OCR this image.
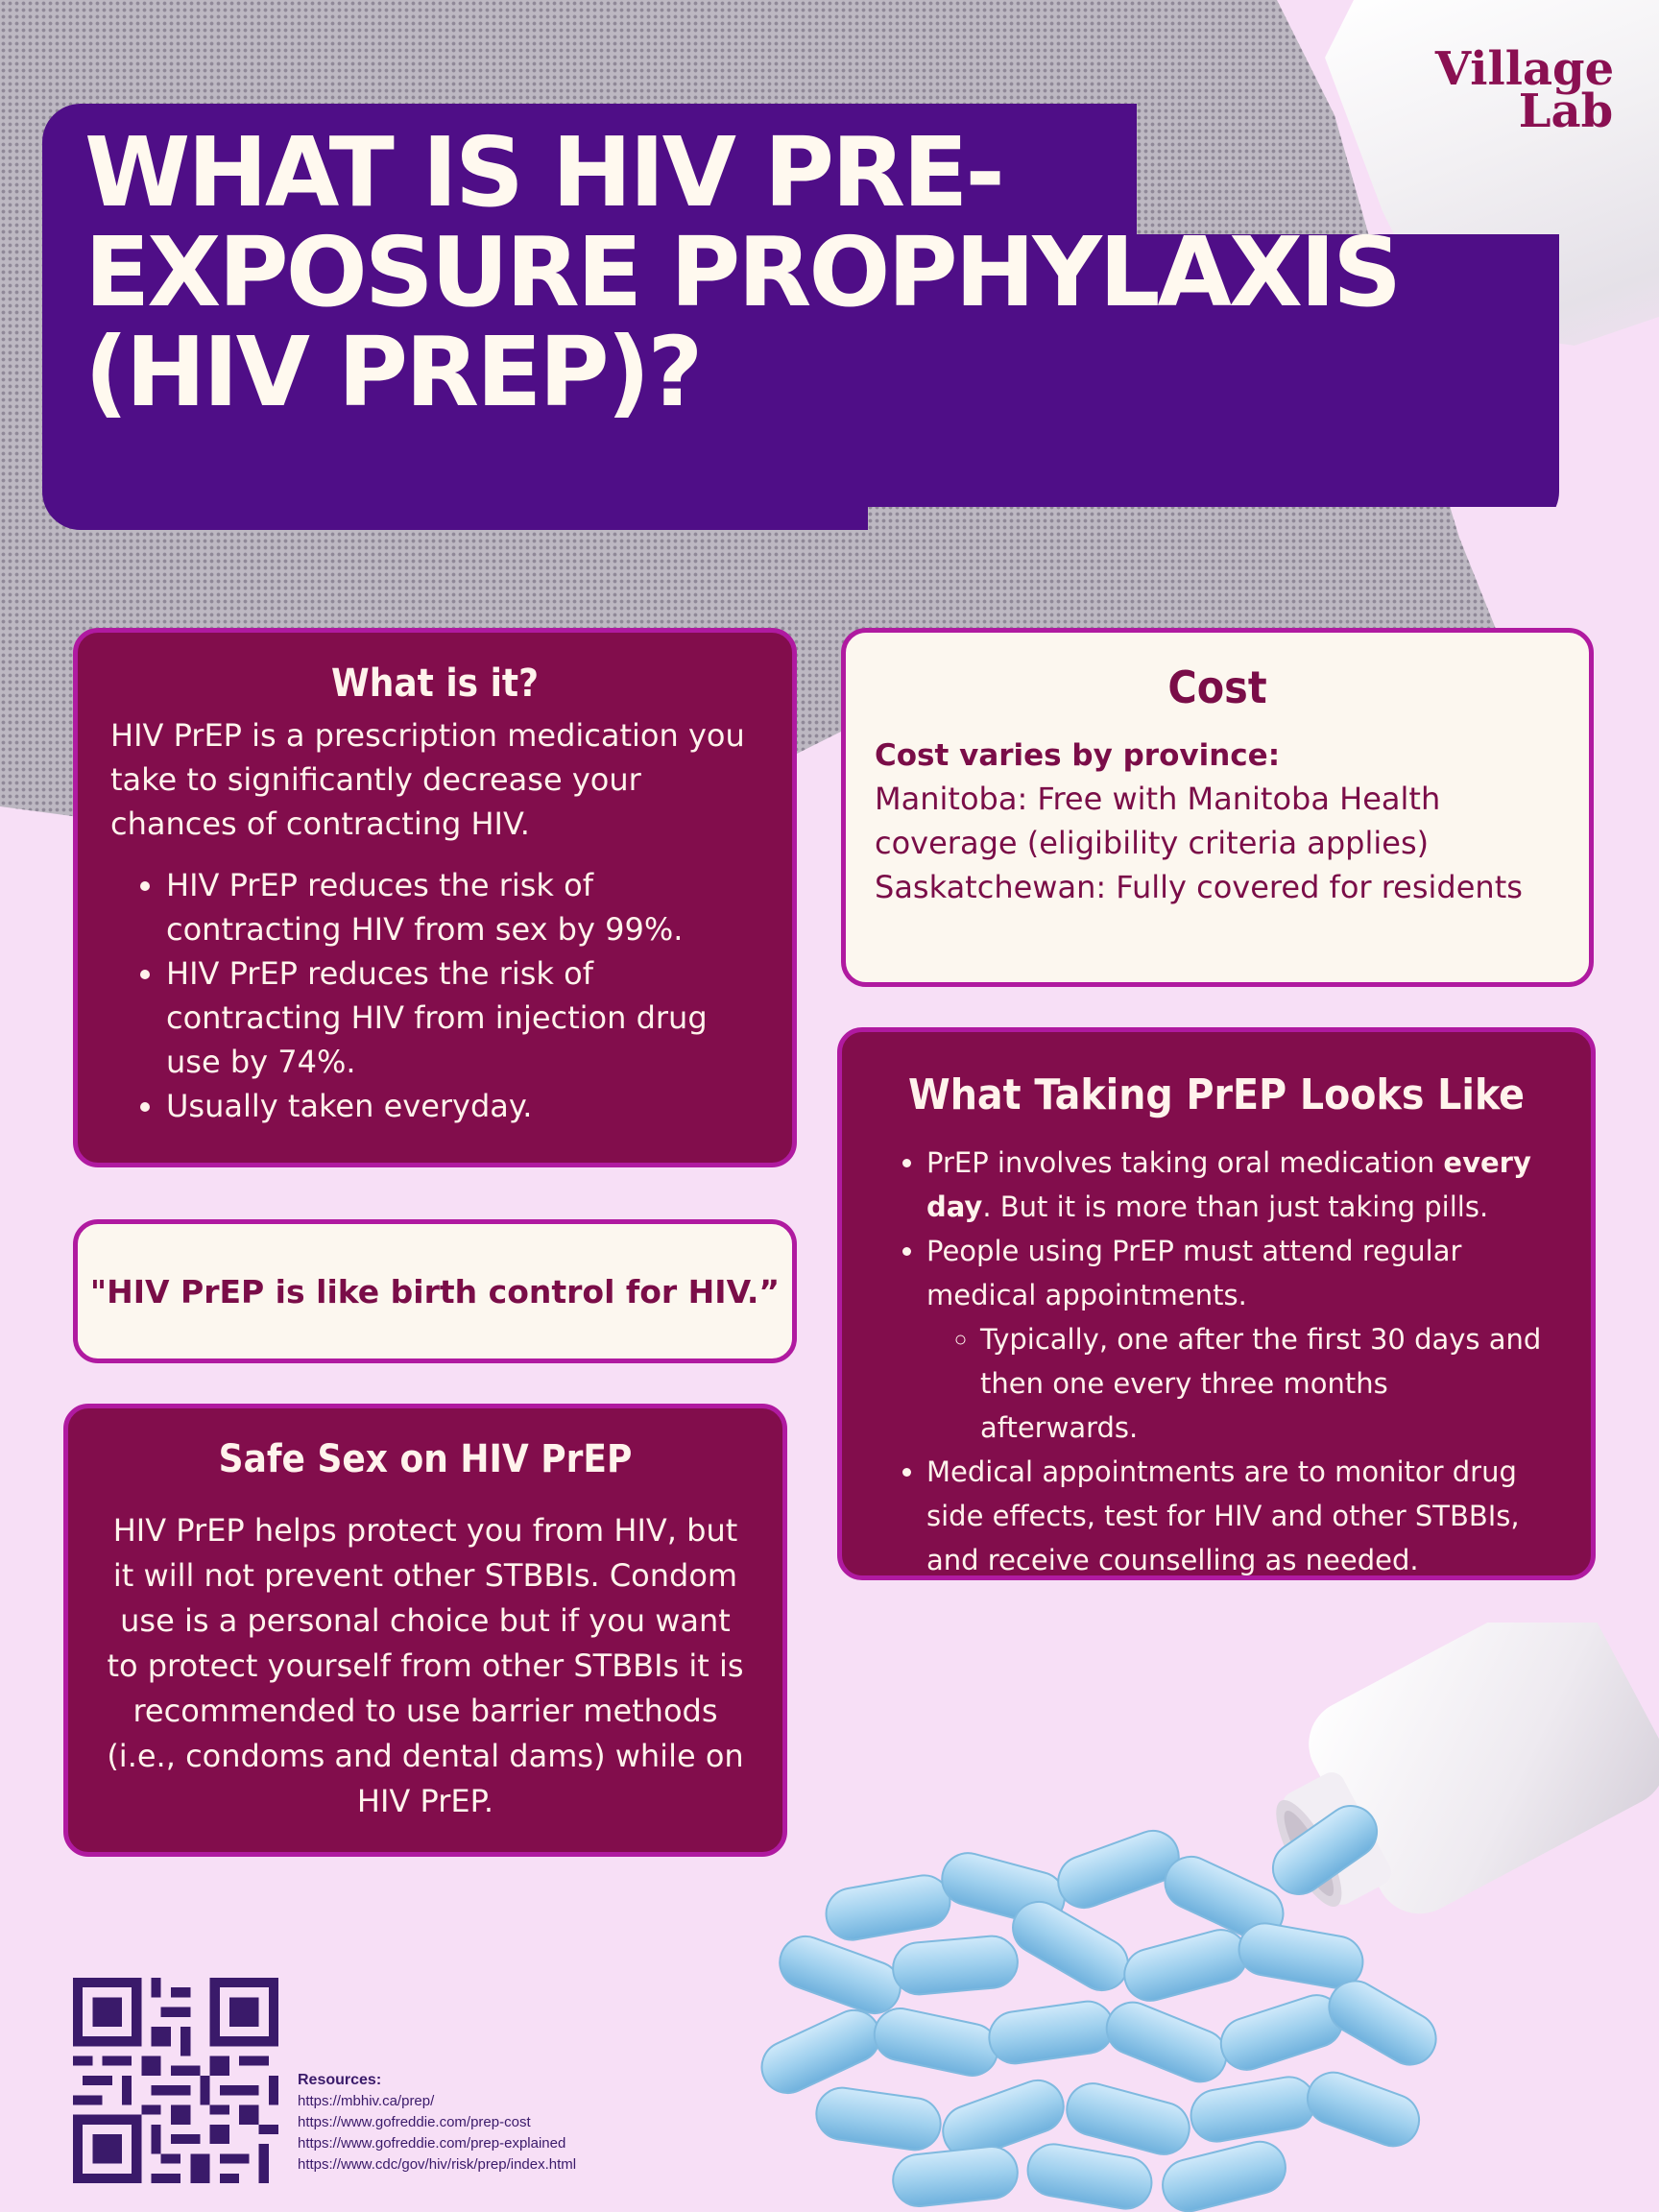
Village
Lab
WHAT IS HIV PRE-EXPOSURE PROPHYLAXIS (HIV PREP)?
What is it?

HIV PrEP is a prescription medication you take to significantly decrease your chances of contracting HIV.

• HIV PrEP reduces the risk of contracting HIV from sex by 99%.
• HIV PrEP reduces the risk of contracting HIV from injection drug use by 74%.
• Usually taken everyday.
Cost

Cost varies by province:

Manitoba: Free with Manitoba Health coverage (eligibility criteria applies)

Saskatchewan: Fully covered for residents

"HIV PrEP is like birth control for HIV.”

What Taking PrEP Looks Like
• PrEP involves taking oral medication every day. But it is more than just taking pills.
• People using PrEP must attend regular medical appointments.
◦ Typically, one after the first 30 days and then one every three months afterwards.
• Medical appointments are to monitor drug side effects, test for HIV and other STBBIs, and receive counselling as needed.
Safe Sex on HIV PrEP

HIV PrEP helps protect you from HIV, but it will not prevent other STBBIs. Condom use is a personal choice but if you want to protect yourself from other STBBIs it is recommended to use barrier methods (i.e., condoms and dental dams) while on HIV PrEP.

Resources:
https://mbhiv.ca/prep/
https://www.gofreddie.com/prep-cost
https://www.gofreddie.com/prep-explained
https://www.cdc/gov/hiv/risk/prep/index.html
